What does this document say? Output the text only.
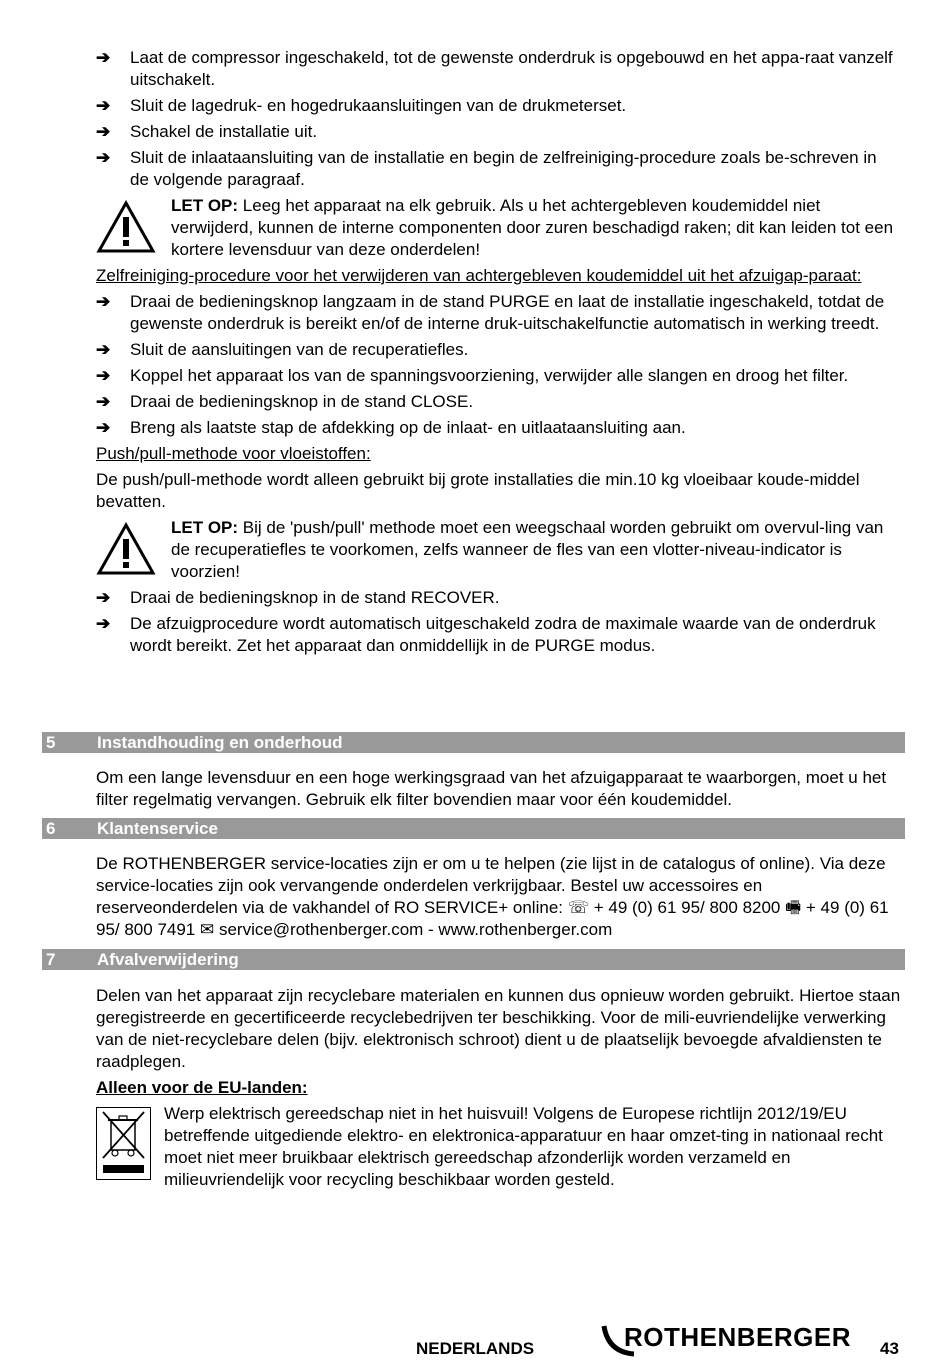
➔	Laat de compressor ingeschakeld, tot de gewenste onderdruk is opgebouwd en het appa-raat vanzelf uitschakelt.
➔	Sluit de lagedruk- en hogedrukaansluitingen van de drukmeterset.
➔	Schakel de installatie uit.
➔	Sluit de inlaataansluiting van de installatie en begin de zelfreiniging-procedure zoals be-schreven in de volgende paragraaf.
LET OP: Leeg het apparaat na elk gebruik. Als u het achtergebleven koudemiddel niet verwijderd, kunnen de interne componenten door zuren beschadigd raken; dit kan leiden tot een kortere levensduur van deze onderdelen!
Zelfreiniging-procedure voor het verwijderen van achtergebleven koudemiddel uit het afzuigap-paraat:
➔	Draai de bedieningsknop langzaam in de stand PURGE en laat de installatie ingeschakeld, totdat de gewenste onderdruk is bereikt en/of de interne druk-uitschakelfunctie automatisch in werking treedt.
➔	Sluit de aansluitingen van de recuperatiefles.
➔	Koppel het apparaat los van de spanningsvoorziening, verwijder alle slangen en droog het filter.
➔	Draai de bedieningsknop in de stand CLOSE.
➔	Breng als laatste stap de afdekking op de inlaat- en uitlaataansluiting aan.
Push/pull-methode voor vloeistoffen:
De push/pull-methode wordt alleen gebruikt bij grote installaties die min.10 kg vloeibaar koude-middel bevatten.
LET OP: Bij de 'push/pull' methode moet een weegschaal worden gebruikt om overvul-ling van de recuperatiefles te voorkomen, zelfs wanneer de fles van een vlotter-niveau-indicator is voorzien!
➔	Draai de bedieningsknop in de stand RECOVER.
➔	De afzuigprocedure wordt automatisch uitgeschakeld zodra de maximale waarde van de onderdruk wordt bereikt. Zet het apparaat dan onmiddellijk in de PURGE modus.
5 Instandhouding en onderhoud
Om een lange levensduur en een hoge werkingsgraad van het afzuigapparaat te waarborgen, moet u het filter regelmatig vervangen. Gebruik elk filter bovendien maar voor één koudemiddel.
6 Klantenservice
De ROTHENBERGER service-locaties zijn er om u te helpen (zie lijst in de catalogus of online). Via deze service-locaties zijn ook vervangende onderdelen verkrijgbaar. Bestel uw accessoires en reserveonderdelen via de vakhandel of RO SERVICE+ online: ☏ + 49 (0) 61 95/ 800 8200 🖷 + 49 (0) 61 95/ 800 7491 ✉ service@rothenberger.com - www.rothenberger.com
7 Afvalverwijdering
Delen van het apparaat zijn recyclebare materialen en kunnen dus opnieuw worden gebruikt. Hiertoe staan geregistreerde en gecertificeerde recyclebedrijven ter beschikking. Voor de mili-euvriendelijke verwerking van de niet-recyclebare delen (bijv. elektronisch schroot) dient u de plaatselijk bevoegde afvaldiensten te raadplegen.
Alleen voor de EU-landen:
Werp elektrisch gereedschap niet in het huisvuil! Volgens de Europese richtlijn 2012/19/EU betreffende uitgediende elektro- en elektronica-apparatuur en haar omzet-ting in nationaal recht moet niet meer bruikbaar elektrisch gereedschap afzonderlijk worden verzameld en milieuvriendelijk voor recycling beschikbaar worden gesteld.
NEDERLANDS	ROTHENBERGER 43
